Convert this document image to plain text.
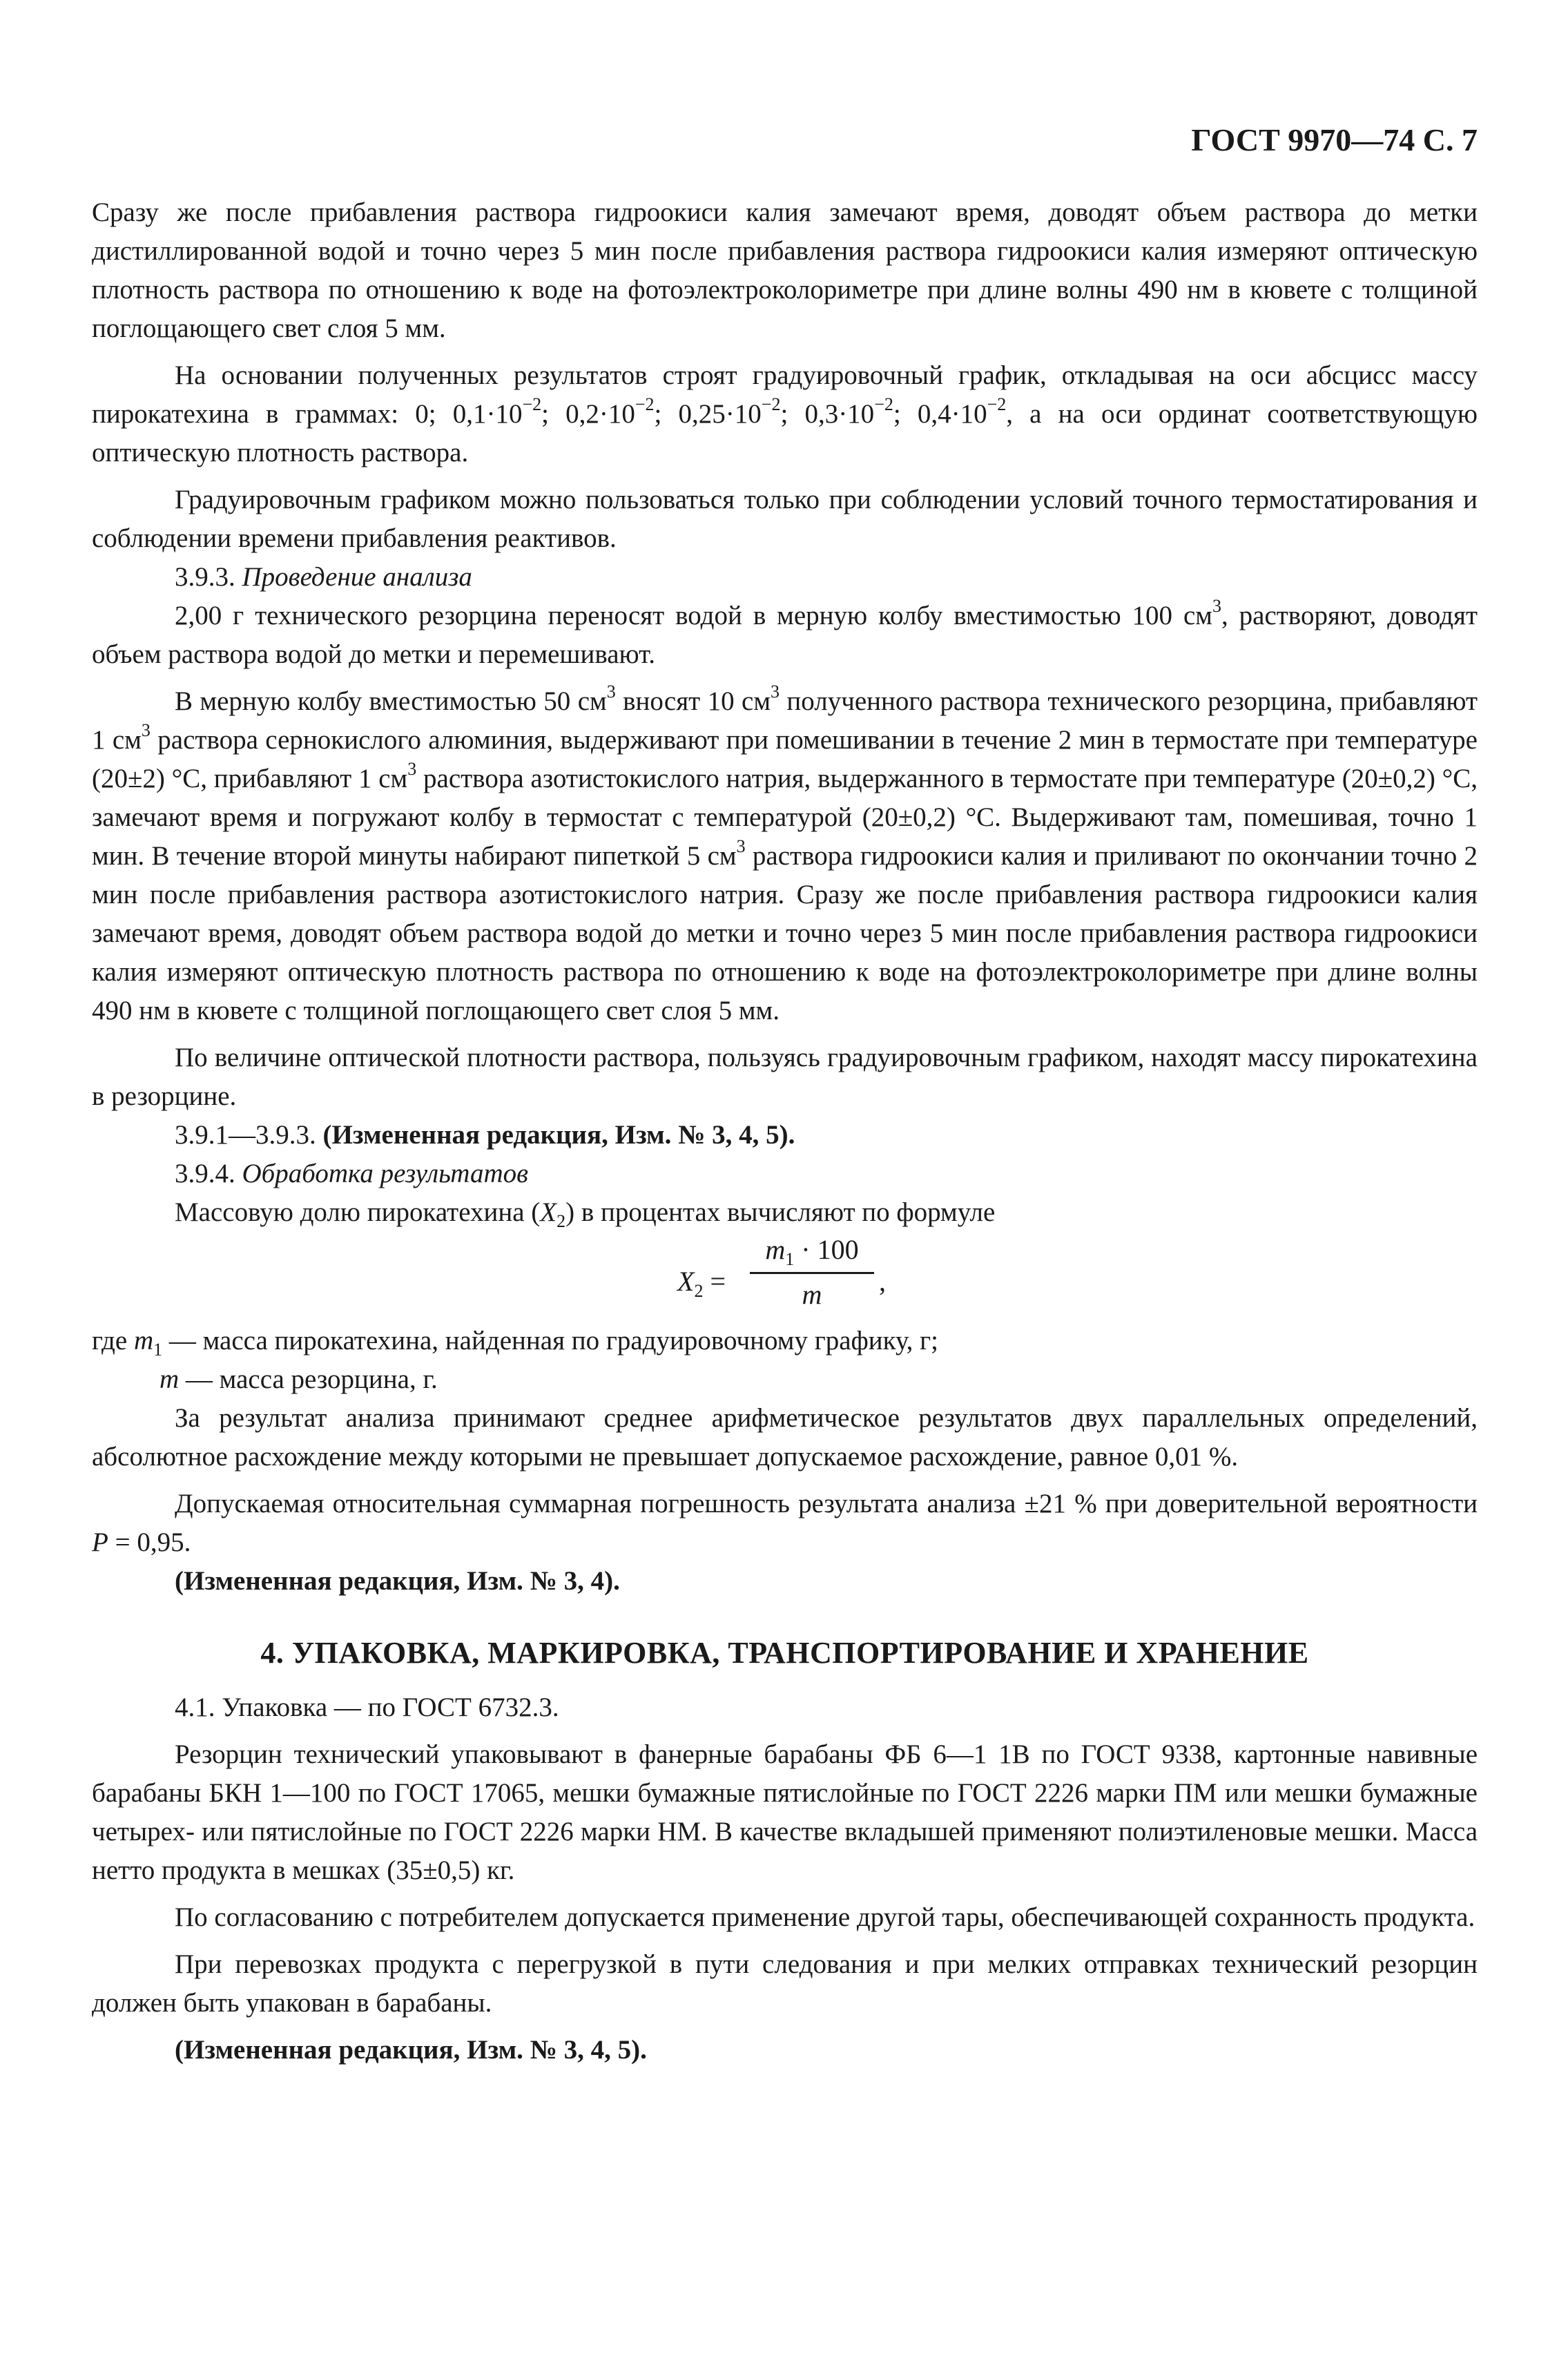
ГОСТ 9970—74 С. 7

Сразу же после прибавления раствора гидроокиси калия замечают время, доводят объем раствора до метки дистиллированной водой и точно через 5 мин после прибавления раствора гидроокиси калия измеряют оптическую плотность раствора по отношению к воде на фотоэлектроколориметре при длине волны 490 нм в кювете с толщиной поглощающего свет слоя 5 мм.

На основании полученных результатов строят градуировочный график, откладывая на оси абсцисс массу пирокатехина в граммах: 0; $0,1\cdot 10^{-2}$; $0,2\cdot 10^{-2}$; $0,25\cdot 10^{-2}$; $0,3\cdot 10^{-2}$; $0,4\cdot 10^{-2}$, а на оси ординат соответствующую оптическую плотность раствора.

Градуировочным графиком можно пользоваться только при соблюдении условий точного термостатирования и соблюдении времени прибавления реактивов.

3.9.3. Проведение анализа

2,00 г технического резорцина переносят водой в мерную колбу вместимостью 100 $см^3$, растворяют, доводят объем раствора водой до метки и перемешивают.

В мерную колбу вместимостью 50 $см^3$ вносят 10 $см^3$ полученного раствора технического резорцина, прибавляют 1 $см^3$ раствора сернокислого алюминия, выдерживают при помешивании в течение 2 мин в термостате при температуре (20±2) °С, прибавляют 1 $см^3$ раствора азотистокислого натрия, выдержанного в термостате при температуре (20±0,2) °С, замечают время и погружают колбу в термостат с температурой (20±0,2) °С. Выдерживают там, помешивая, точно 1 мин. В течение второй минуты набирают пипеткой 5 $см^3$ раствора гидроокиси калия и приливают по окончании точно 2 мин после прибавления раствора азотистокислого натрия. Сразу же после прибавления раствора гидроокиси калия замечают время, доводят объем раствора водой до метки и точно через 5 мин после прибавления раствора гидроокиси калия измеряют оптическую плотность раствора по отношению к воде на фотоэлектроколориметре при длине волны 490 нм в кювете с толщиной поглощающего свет слоя 5 мм.

По величине оптической плотности раствора, пользуясь градуировочным графиком, находят массу пирокатехина в резорцине.

3.9.1—3.9.3. (Измененная редакция, Изм. № 3, 4, 5).

3.9.4. Обработка результатов

Массовую долю пирокатехина $(X_2)$ в процентах вычисляют по формуле

$X_2$ =
$m_1 \cdot 100$
m	,
где $m_1$ — масса пирокатехина, найденная по градуировочному графику, г;
m — масса резорцина, г.

За результат анализа принимают среднее арифметическое результатов двух параллельных определений, абсолютное расхождение между которыми не превышает допускаемое расхождение, равное 0,01 %.

Допускаемая относительная суммарная погрешность результата анализа ±21 % при доверительной вероятности P = 0,95.

(Измененная редакция, Изм. № 3, 4).

4. УПАКОВКА, МАРКИРОВКА, ТРАНСПОРТИРОВАНИЕ И ХРАНЕНИЕ

4.1. Упаковка — по ГОСТ 6732.3.

Резорцин технический упаковывают в фанерные барабаны ФБ 6—1 1В по ГОСТ 9338, картонные навивные барабаны БКН 1—100 по ГОСТ 17065, мешки бумажные пятислойные по ГОСТ 2226 марки ПМ или мешки бумажные четырех- или пятислойные по ГОСТ 2226 марки НМ. В качестве вкладышей применяют полиэтиленовые мешки. Масса нетто продукта в мешках (35±0,5) кг.

По согласованию с потребителем допускается применение другой тары, обеспечивающей сохранность продукта.

При перевозках продукта с перегрузкой в пути следования и при мелких отправках технический резорцин должен быть упакован в барабаны.

(Измененная редакция, Изм. № 3, 4, 5).
